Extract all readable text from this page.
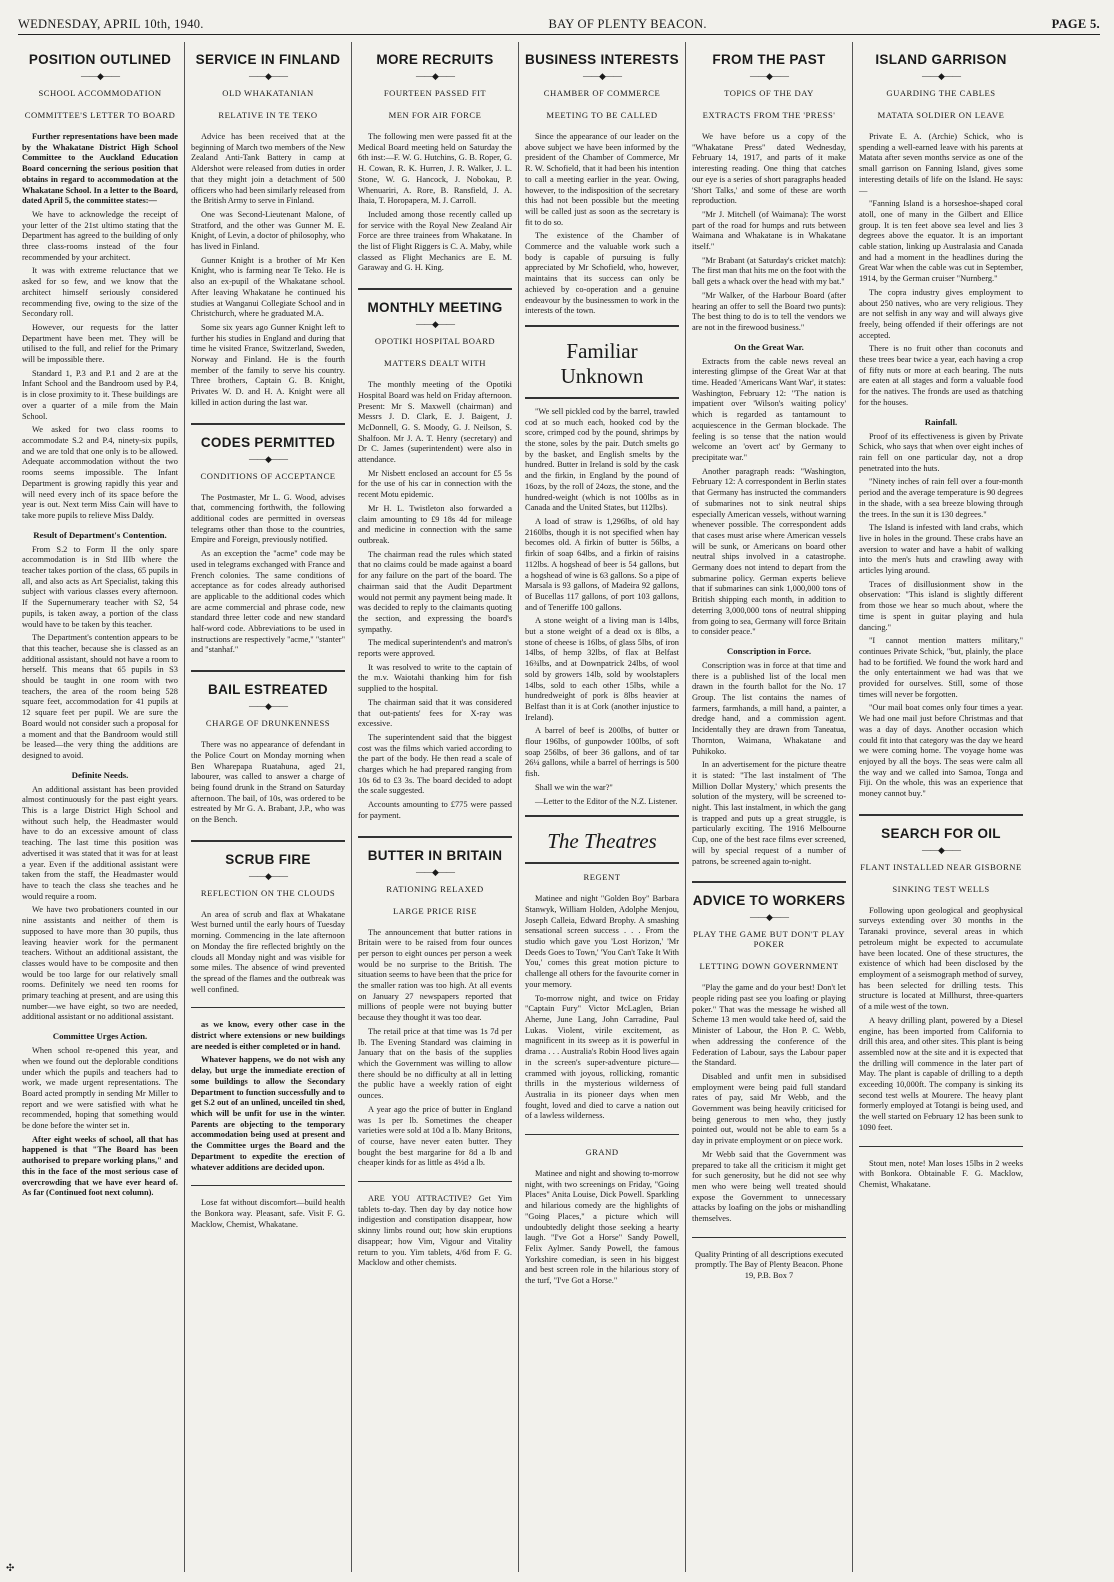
WEDNESDAY, APRIL 10th, 1940.	BAY OF PLENTY BEACON.	PAGE 5.
POSITION OUTLINED
——◆——
SCHOOL ACCOMMODATION
COMMITTEE'S LETTER TO BOARD

Further representations have been made by the Whakatane District High School Committee to the Auckland Education Board concerning the serious position that obtains in regard to accommodation at the Whakatane School. In a letter to the Board, dated April 5, the committee states:—

We have to acknowledge the receipt of your letter of the 21st ultimo stating that the Department has agreed to the building of only three class-rooms instead of the four recommended by your architect.

It was with extreme reluctance that we asked for so few, and we know that the architect himself seriously considered recommending five, owing to the size of the Secondary roll.

However, our requests for the latter Department have been met. They will be utilised to the full, and relief for the Primary will be impossible there.

Standard 1, P.3 and P.1 and 2 are at the Infant School and the Bandroom used by P.4, is in close proximity to it. These buildings are over a quarter of a mile from the Main School.

We asked for two class rooms to accommodate S.2 and P.4, ninety-six pupils, and we are told that one only is to be allowed. Adequate accommodation without the two rooms seems impossible. The Infant Department is growing rapidly this year and will need every inch of its space before the year is out. Next term Miss Cain will have to take more pupils to relieve Miss Daldy.

Result of Department's Contention.

From S.2 to Form II the only spare accommodation is in Std IIIb where the teacher takes portion of the class, 65 pupils in all, and also acts as Art Specialist, taking this subject with various classes every afternoon. If the Supernumerary teacher with S2, 54 pupils, is taken away, a portion of the class would have to be taken by this teacher.

The Department's contention appears to be that this teacher, because she is classed as an additional assistant, should not have a room to herself. This means that 65 pupils in S3 should be taught in one room with two teachers, the area of the room being 528 square feet, accommodation for 41 pupils at 12 square feet per pupil. We are sure the Board would not consider such a proposal for a moment and that the Bandroom would still be leased—the very thing the additions are designed to avoid.

Definite Needs.

An additional assistant has been provided almost continuously for the past eight years. This is a large District High School and without such help, the Headmaster would have to do an excessive amount of class teaching. The last time this position was advertised it was stated that it was for at least a year. Even if the additional assistant were taken from the staff, the Headmaster would have to teach the class she teaches and he would require a room.

We have two probationers counted in our nine assistants and neither of them is supposed to have more than 30 pupils, thus leaving heavier work for the permanent teachers. Without an additional assistant, the classes would have to be composite and then would be too large for our relatively small rooms. Definitely we need ten rooms for primary teaching at present, and are using this number—we have eight, so two are needed, additional assistant or no additional assistant.

Committee Urges Action.

When school re-opened this year, and when we found out the deplorable conditions under which the pupils and teachers had to work, we made urgent representations. The Board acted promptly in sending Mr Miller to report and we were satisfied with what he recommended, hoping that something would be done before the winter set in.

After eight weeks of school, all that has happened is that "The Board has been authorised to prepare working plans," and this in the face of the most serious case of overcrowding that we have ever heard of. As far (Continued foot next column).

SERVICE IN FINLAND
——◆——
OLD WHAKATANIAN
RELATIVE IN TE TEKO

Advice has been received that at the beginning of March two members of the New Zealand Anti-Tank Battery in camp at Aldershot were released from duties in order that they might join a detachment of 500 officers who had been similarly released from the British Army to serve in Finland.

One was Second-Lieutenant Malone, of Stratford, and the other was Gunner M. E. Knight, of Levin, a doctor of philosophy, who has lived in Finland.

Gunner Knight is a brother of Mr Ken Knight, who is farming near Te Teko. He is also an ex-pupil of the Whakatane school. After leaving Whakatane he continued his studies at Wanganui Collegiate School and in Christchurch, where he graduated M.A.

Some six years ago Gunner Knight left to further his studies in England and during that time he visited France, Switzerland, Sweden, Norway and Finland. He is the fourth member of the family to serve his country. Three brothers, Captain G. B. Knight, Privates W. D. and H. A. Knight were all killed in action during the last war.

CODES PERMITTED
——◆——
CONDITIONS OF ACCEPTANCE

The Postmaster, Mr L. G. Wood, advises that, commencing forthwith, the following additional codes are permitted in overseas telegrams other than those to the countries, Empire and Foreign, previously notified.

As an exception the "acme" code may be used in telegrams exchanged with France and French colonies. The same conditions of acceptance as for codes already authorised are applicable to the additional codes which are acme commercial and phrase code, new standard three letter code and new standard half-word code. Abbreviations to be used in instructions are respectively "acme," "stanter" and "stanhaf."

BAIL ESTREATED
——◆——
CHARGE OF DRUNKENNESS

There was no appearance of defendant in the Police Court on Monday morning when Ben Wharepapa Ruatahuna, aged 21, labourer, was called to answer a charge of being found drunk in the Strand on Saturday afternoon. The bail, of 10s, was ordered to be estreated by Mr G. A. Brabant, J.P., who was on the Bench.

SCRUB FIRE
——◆——
REFLECTION ON THE CLOUDS

An area of scrub and flax at Whakatane West burned until the early hours of Tuesday morning. Commencing in the late afternoon on Monday the fire reflected brightly on the clouds all Monday night and was visible for some miles. The absence of wind prevented the spread of the flames and the outbreak was well confined.

as we know, every other case in the district where extensions or new buildings are needed is either completed or in hand.

Whatever happens, we do not wish any delay, but urge the immediate erection of some buildings to allow the Secondary Department to function successfully and to get S.2 out of an unlined, unceiled tin shed, which will be unfit for use in the winter. Parents are objecting to the temporary accommodation being used at present and the Committee urges the Board and the Department to expedite the erection of whatever additions are decided upon.

Lose fat without discomfort—build health the Bonkora way. Pleasant, safe. Visit F. G. Macklow, Chemist, Whakatane.

MORE RECRUITS
——◆——
FOURTEEN PASSED FIT
MEN FOR AIR FORCE

The following men were passed fit at the Medical Board meeting held on Saturday the 6th inst:—F. W. G. Hutchins, G. B. Roper, G. H. Cowan, R. K. Hurren, J. R. Walker, J. L. Stone, W. G. Hancock, J. Nobokau, P. Whenuariri, A. Rore, B. Ransfield, J. A. Ihaia, T. Horopapera, M. J. Carroll.

Included among those recently called up for service with the Royal New Zealand Air Force are three trainees from Whakatane. In the list of Flight Riggers is C. A. Maby, while classed as Flight Mechanics are E. M. Garaway and G. H. King.

MONTHLY MEETING
——◆——
OPOTIKI HOSPITAL BOARD
MATTERS DEALT WITH

The monthly meeting of the Opotiki Hospital Board was held on Friday afternoon. Present: Mr S. Maxwell (chairman) and Messrs J. D. Clark, E. J. Baigent, J. McDonnell, G. S. Moody, G. J. Neilson, S. Shalfoon. Mr J. A. T. Henry (secretary) and Dr C. James (superintendent) were also in attendance.

Mr Nisbett enclosed an account for £5 5s for the use of his car in connection with the recent Motu epidemic.

Mr H. L. Twistleton also forwarded a claim amounting to £9 18s 4d for mileage and medicine in connection with the same outbreak.

The chairman read the rules which stated that no claims could be made against a board for any failure on the part of the board. The chairman said that the Audit Department would not permit any payment being made. It was decided to reply to the claimants quoting the section, and expressing the board's sympathy.

The medical superintendent's and matron's reports were approved.

It was resolved to write to the captain of the m.v. Waiotahi thanking him for fish supplied to the hospital.

The chairman said that it was considered that out-patients' fees for X-ray was excessive.

The superintendent said that the biggest cost was the films which varied according to the part of the body. He then read a scale of charges which he had prepared ranging from 10s 6d to £3 3s. The board decided to adopt the scale suggested.

Accounts amounting to £775 were passed for payment.

BUTTER IN BRITAIN
——◆——
RATIONING RELAXED
LARGE PRICE RISE

The announcement that butter rations in Britain were to be raised from four ounces per person to eight ounces per person a week would be no surprise to the British. The situation seems to have been that the price for the smaller ration was too high. At all events on January 27 newspapers reported that millions of people were not buying butter because they thought it was too dear.

The retail price at that time was 1s 7d per lb. The Evening Standard was claiming in January that on the basis of the supplies which the Government was willing to allow there should be no difficulty at all in letting the public have a weekly ration of eight ounces.

A year ago the price of butter in England was 1s per lb. Sometimes the cheaper varieties were sold at 10d a lb. Many Britons, of course, have never eaten butter. They bought the best margarine for 8d a lb and cheaper kinds for as little as 4½d a lb.

ARE YOU ATTRACTIVE? Get Yim tablets to-day. Then day by day notice how indigestion and constipation disappear, how skinny limbs round out; how skin eruptions disappear; how Vim, Vigour and Vitality return to you. Yim tablets, 4/6d from F. G. Macklow and other chemists.

BUSINESS INTERESTS
——◆——
CHAMBER OF COMMERCE
MEETING TO BE CALLED

Since the appearance of our leader on the above subject we have been informed by the president of the Chamber of Commerce, Mr R. W. Schofield, that it had been his intention to call a meeting earlier in the year. Owing, however, to the indisposition of the secretary this had not been possible but the meeting will be called just as soon as the secretary is fit to do so.

The existence of the Chamber of Commerce and the valuable work such a body is capable of pursuing is fully appreciated by Mr Schofield, who, however, maintains that its success can only be achieved by co-operation and a genuine endeavour by the businessmen to work in the interests of the town.

Familiar Unknown

"We sell pickled cod by the barrel, trawled cod at so much each, hooked cod by the score, crimped cod by the pound, shrimps by the stone, soles by the pair. Dutch smelts go by the basket, and English smelts by the hundred. Butter in Ireland is sold by the cask and the firkin, in England by the pound of 16ozs, by the roll of 24ozs, the stone, and the hundred-weight (which is not 100lbs as in Canada and the United States, but 112lbs).

A load of straw is 1,296lbs, of old hay 2160lbs, though it is not specified when hay becomes old. A firkin of butter is 56lbs, a firkin of soap 64lbs, and a firkin of raisins 112lbs. A hogshead of beer is 54 gallons, but a hogshead of wine is 63 gallons. So a pipe of Marsala is 93 gallons, of Madeira 92 gallons, of Bucellas 117 gallons, of port 103 gallons, and of Teneriffe 100 gallons.

A stone weight of a living man is 14lbs, but a stone weight of a dead ox is 8lbs, a stone of cheese is 16lbs, of glass 5lbs, of iron 14lbs, of hemp 32lbs, of flax at Belfast 16¾lbs, and at Downpatrick 24lbs, of wool sold by growers 14lb, sold by woolstaplers 14lbs, sold to each other 15lbs, while a hundredweight of pork is 8lbs heavier at Belfast than it is at Cork (another injustice to Ireland).

A barrel of beef is 200lbs, of butter or flour 196lbs, of gunpowder 100lbs, of soft soap 256lbs, of beer 36 gallons, and of tar 26¼ gallons, while a barrel of herrings is 500 fish.

Shall we win the war?"

—Letter to the Editor of the N.Z. Listener.

The Theatres
REGENT

Matinee and night "Golden Boy" Barbara Stanwyk, William Holden, Adolphe Menjou, Joseph Calleia, Edward Brophy. A smashing sensational screen success . . . From the studio which gave you 'Lost Horizon,' 'Mr Deeds Goes to Town,' 'You Can't Take It With You,' comes this great motion picture to challenge all others for the favourite corner in your memory.

To-morrow night, and twice on Friday "Captain Fury" Victor McLaglen, Brian Aherne, June Lang, John Carradine, Paul Lukas. Violent, virile excitement, as magnificent in its sweep as it is powerful in drama . . . Australia's Robin Hood lives again in the screen's super-adventure picture—crammed with joyous, rollicking, romantic thrills in the mysterious wilderness of Australia in its pioneer days when men fought, loved and died to carve a nation out of a lawless wilderness.

GRAND

Matinee and night and showing to-morrow night, with two screenings on Friday, "Going Places" Anita Louise, Dick Powell. Sparkling and hilarious comedy are the highlights of "Going Places," a picture which will undoubtedly delight those seeking a hearty laugh. "I've Got a Horse" Sandy Powell, Felix Aylmer. Sandy Powell, the famous Yorkshire comedian, is seen in his biggest and best screen role in the hilarious story of the turf, "I've Got a Horse."

FROM THE PAST
——◆——
TOPICS OF THE DAY
EXTRACTS FROM THE 'PRESS'

We have before us a copy of the "Whakatane Press" dated Wednesday, February 14, 1917, and parts of it make interesting reading. One thing that catches our eye is a series of short paragraphs headed 'Short Talks,' and some of these are worth reproduction.

"Mr J. Mitchell (of Waimana): The worst part of the road for humps and ruts between Waimana and Whakatane is in Whakatane itself."

"Mr Brabant (at Saturday's cricket match): The first man that hits me on the foot with the ball gets a whack over the head with my bat."

"Mr Walker, of the Harbour Board (after hearing an offer to sell the Board two punts): The best thing to do is to tell the vendors we are not in the firewood business."

On the Great War.

Extracts from the cable news reveal an interesting glimpse of the Great War at that time. Headed 'Americans Want War', it states: Washington, February 12: "The nation is impatient over 'Wilson's waiting policy' which is regarded as tantamount to acquiescence in the German blockade. The feeling is so tense that the nation would welcome an 'overt act' by Germany to precipitate war."

Another paragraph reads: "Washington, February 12: A correspondent in Berlin states that Germany has instructed the commanders of submarines not to sink neutral ships especially American vessels, without warning whenever possible. The correspondent adds that cases must arise where American vessels will be sunk, or Americans on board other neutral ships involved in a catastrophe. Germany does not intend to depart from the submarine policy. German experts believe that if submarines can sink 1,000,000 tons of British shipping each month, in addition to deterring 3,000,000 tons of neutral shipping from going to sea, Germany will force Britain to consider peace."

Conscription in Force.

Conscription was in force at that time and there is a published list of the local men drawn in the fourth ballot for the No. 17 Group. The list contains the names of farmers, farmhands, a mill hand, a painter, a dredge hand, and a commission agent. Incidentally they are drawn from Taneatua, Thornton, Waimana, Whakatane and Puhikoko.

In an advertisement for the picture theatre it is stated: "The last instalment of 'The Million Dollar Mystery,' which presents the solution of the mystery, will be screened to-night. This last instalment, in which the gang is trapped and puts up a great struggle, is particularly exciting. The 1916 Melbourne Cup, one of the best race films ever screened, will by special request of a number of patrons, be screened again to-night.

ADVICE TO WORKERS
——◆——
PLAY THE GAME BUT DON'T PLAY POKER
LETTING DOWN GOVERNMENT

"Play the game and do your best! Don't let people riding past see you loafing or playing poker." That was the message he wished all Scheme 13 men would take heed of, said the Minister of Labour, the Hon P. C. Webb, when addressing the conference of the Federation of Labour, says the Labour paper the Standard.

Disabled and unfit men in subsidised employment were being paid full standard rates of pay, said Mr Webb, and the Government was being heavily criticised for being generous to men who, they justly pointed out, would not be able to earn 5s a day in private employment or on piece work.

Mr Webb said that the Government was prepared to take all the criticism it might get for such generosity, but he did not see why men who were being well treated should expose the Government to unnecessary attacks by loafing on the jobs or mishandling themselves.

Quality Printing of all descriptions executed promptly. The Bay of Plenty Beacon. Phone 19, P.B. Box 7
ISLAND GARRISON
——◆——
GUARDING THE CABLES
MATATA SOLDIER ON LEAVE

Private E. A. (Archie) Schick, who is spending a well-earned leave with his parents at Matata after seven months service as one of the small garrison on Fanning Island, gives some interesting details of life on the Island. He says:—

"Fanning Island is a horseshoe-shaped coral atoll, one of many in the Gilbert and Ellice group. It is ten feet above sea level and lies 3 degrees above the equator. It is an important cable station, linking up Australasia and Canada and had a moment in the headlines during the Great War when the cable was cut in September, 1914, by the German cruiser "Nurnberg."

The copra industry gives employment to about 250 natives, who are very religious. They are not selfish in any way and will always give freely, being offended if their offerings are not accepted.

There is no fruit other than coconuts and these trees bear twice a year, each having a crop of fifty nuts or more at each bearing. The nuts are eaten at all stages and form a valuable food for the natives. The fronds are used as thatching for the houses.

Rainfall.

Proof of its effectiveness is given by Private Schick, who says that when over eight inches of rain fell on one particular day, not a drop penetrated into the huts.

"Ninety inches of rain fell over a four-month period and the average temperature is 90 degrees in the shade, with a sea breeze blowing through the trees. In the sun it is 130 degrees."

The Island is infested with land crabs, which live in holes in the ground. These crabs have an aversion to water and have a habit of walking into the men's huts and crawling away with articles lying around.

Traces of disillusionment show in the observation: "This island is slightly different from those we hear so much about, where the time is spent in guitar playing and hula dancing."

"I cannot mention matters military," continues Private Schick, "but, plainly, the place had to be fortified. We found the work hard and the only entertainment we had was that we provided for ourselves. Still, some of those times will never be forgotten.

"Our mail boat comes only four times a year. We had one mail just before Christmas and that was a day of days. Another occasion which could fit into that category was the day we heard we were coming home. The voyage home was enjoyed by all the boys. The seas were calm all the way and we called into Samoa, Tonga and Fiji. On the whole, this was an experience that money cannot buy."

SEARCH FOR OIL
——◆——
FLANT INSTALLED NEAR GISBORNE
SINKING TEST WELLS

Following upon geological and geophysical surveys extending over 30 months in the Taranaki province, several areas in which petroleum might be expected to accumulate have been located. One of these structures, the existence of which had been disclosed by the employment of a seismograph method of survey, has been selected for drilling tests. This structure is located at Millhurst, three-quarters of a mile west of the town.

A heavy drilling plant, powered by a Diesel engine, has been imported from California to drill this area, and other sites. This plant is being assembled now at the site and it is expected that the drilling will commence in the later part of May. The plant is capable of drilling to a depth exceeding 10,000ft. The company is sinking its second test wells at Mourere. The heavy plant formerly employed at Totangi is being used, and the well started on February 12 has been sunk to 1090 feet.

Stout men, note! Man loses 15lbs in 2 weeks with Bonkora. Obtainable F. G. Macklow, Chemist, Whakatane.

✣
